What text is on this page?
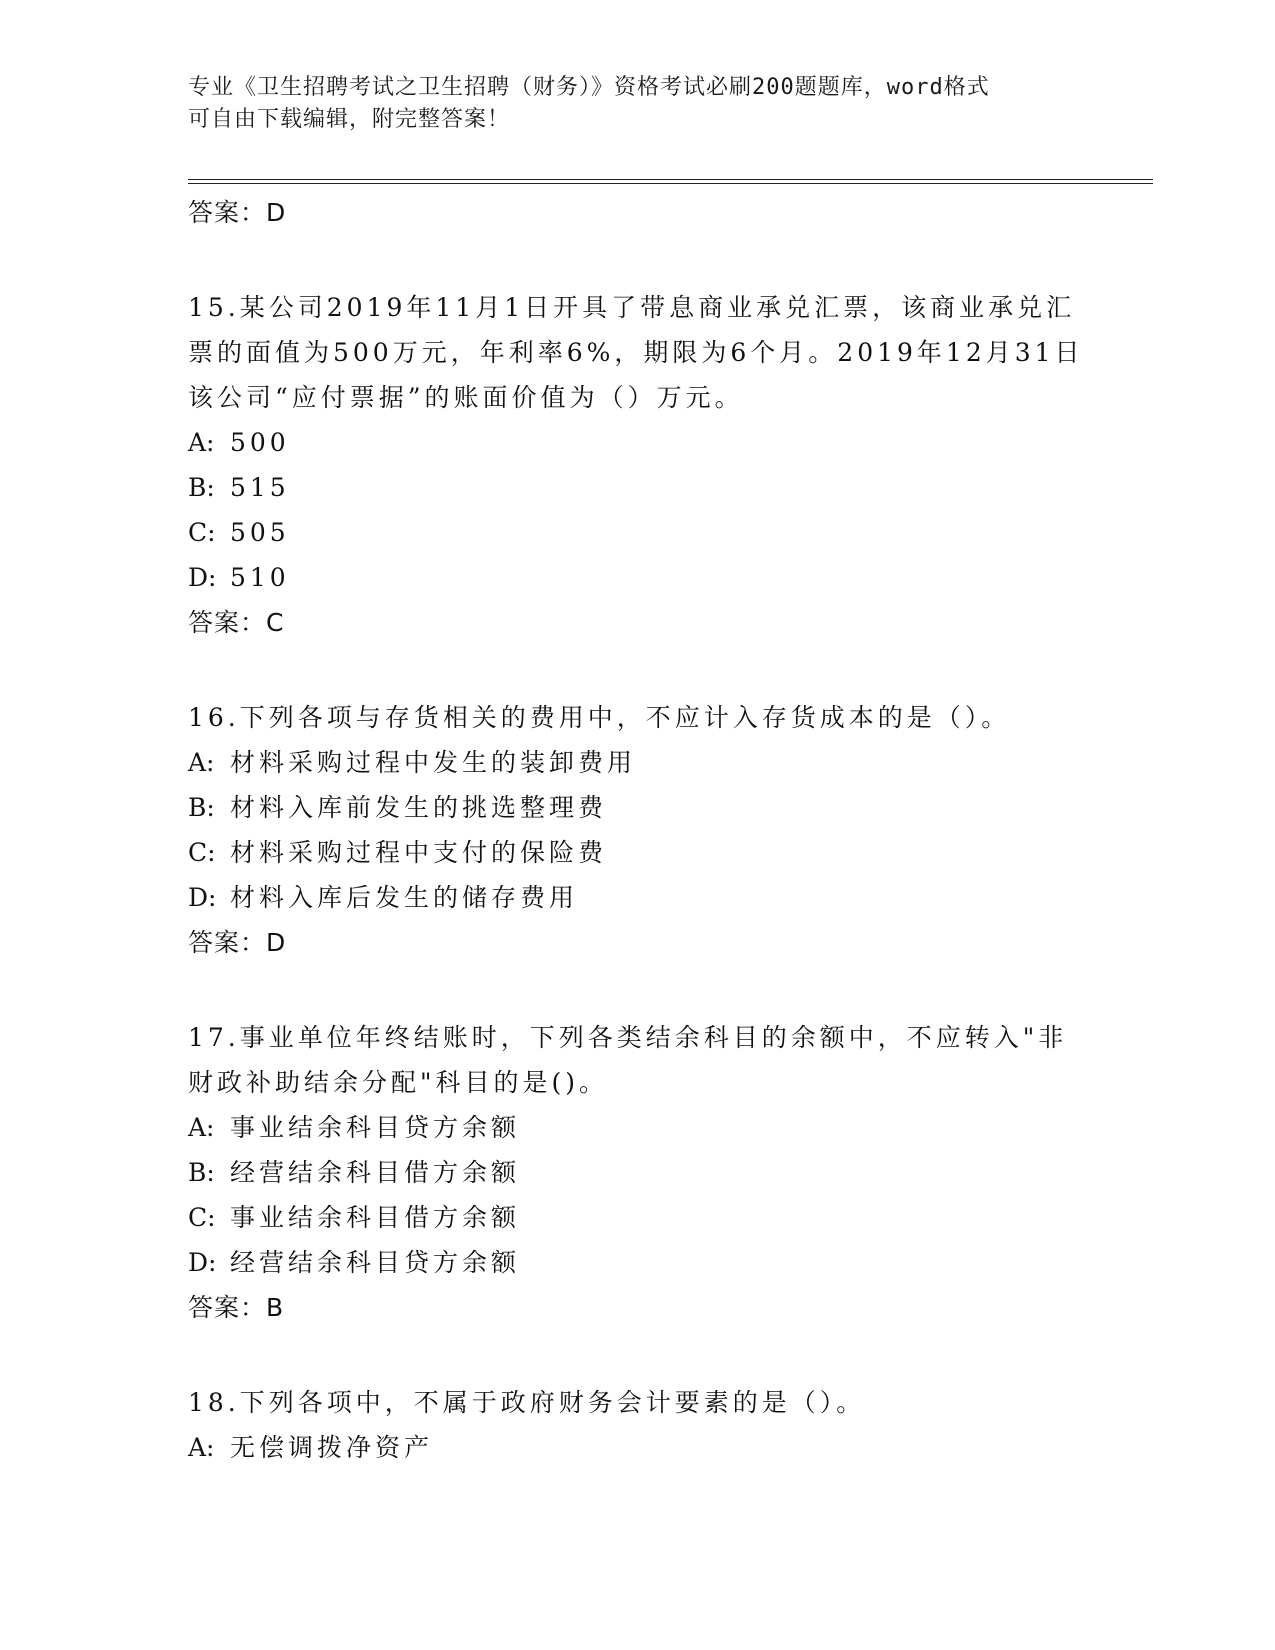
专业《卫生招聘考试之卫生招聘（财务）》资格考试必刷200题题库，word格式
可自由下载编辑，附完整答案！
答案：D
15.某公司2019年11月1日开具了带息商业承兑汇票，该商业承兑汇
票的面值为500万元，年利率6%，期限为6个月。2019年12月31日
该公司“应付票据”的账面价值为（）万元。
A: 500
B: 515
C: 505
D: 510
答案：C
16.下列各项与存货相关的费用中，不应计入存货成本的是（）。
A: 材料采购过程中发生的装卸费用
B: 材料入库前发生的挑选整理费
C: 材料采购过程中支付的保险费
D: 材料入库后发生的储存费用
答案：D
17.事业单位年终结账时，下列各类结余科目的余额中，不应转入"非
财政补助结余分配"科目的是()。
A: 事业结余科目贷方余额
B: 经营结余科目借方余额
C: 事业结余科目借方余额
D: 经营结余科目贷方余额
答案：B
18.下列各项中，不属于政府财务会计要素的是（）。
A: 无偿调拨净资产
